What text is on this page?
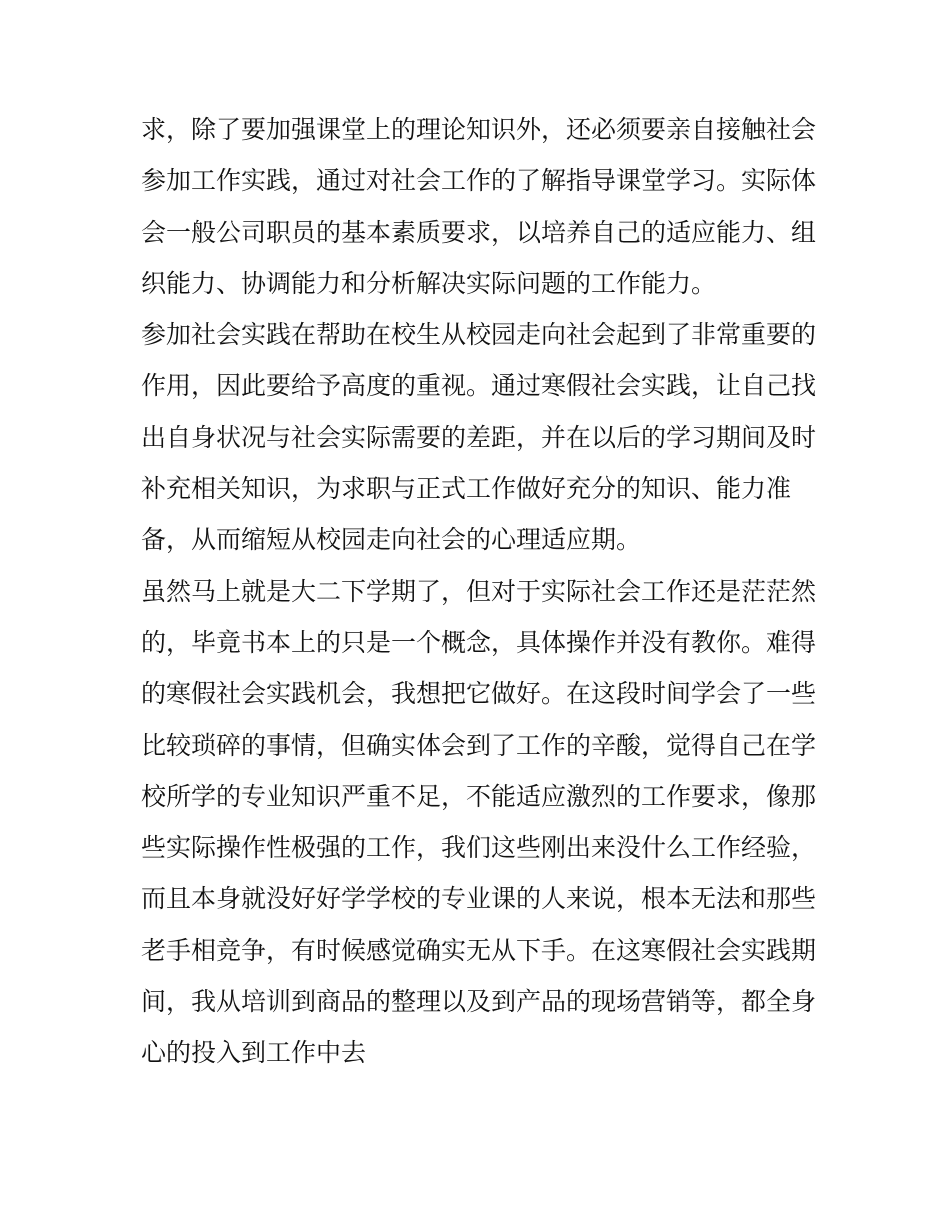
求，除了要加强课堂上的理论知识外，还必须要亲自接触社会
参加工作实践，通过对社会工作的了解指导课堂学习。实际体
会一般公司职员的基本素质要求，以培养自己的适应能力、组
织能力、协调能力和分析解决实际问题的工作能力。
参加社会实践在帮助在校生从校园走向社会起到了非常重要的
作用，因此要给予高度的重视。通过寒假社会实践，让自己找
出自身状况与社会实际需要的差距，并在以后的学习期间及时
补充相关知识，为求职与正式工作做好充分的知识、能力准
备，从而缩短从校园走向社会的心理适应期。
虽然马上就是大二下学期了，但对于实际社会工作还是茫茫然
的，毕竟书本上的只是一个概念，具体操作并没有教你。难得
的寒假社会实践机会，我想把它做好。在这段时间学会了一些
比较琐碎的事情，但确实体会到了工作的辛酸，觉得自己在学
校所学的专业知识严重不足，不能适应激烈的工作要求，像那
些实际操作性极强的工作，我们这些刚出来没什么工作经验，
而且本身就没好好学学校的专业课的人来说，根本无法和那些
老手相竞争，有时候感觉确实无从下手。在这寒假社会实践期
间，我从培训到商品的整理以及到产品的现场营销等，都全身
心的投入到工作中去
